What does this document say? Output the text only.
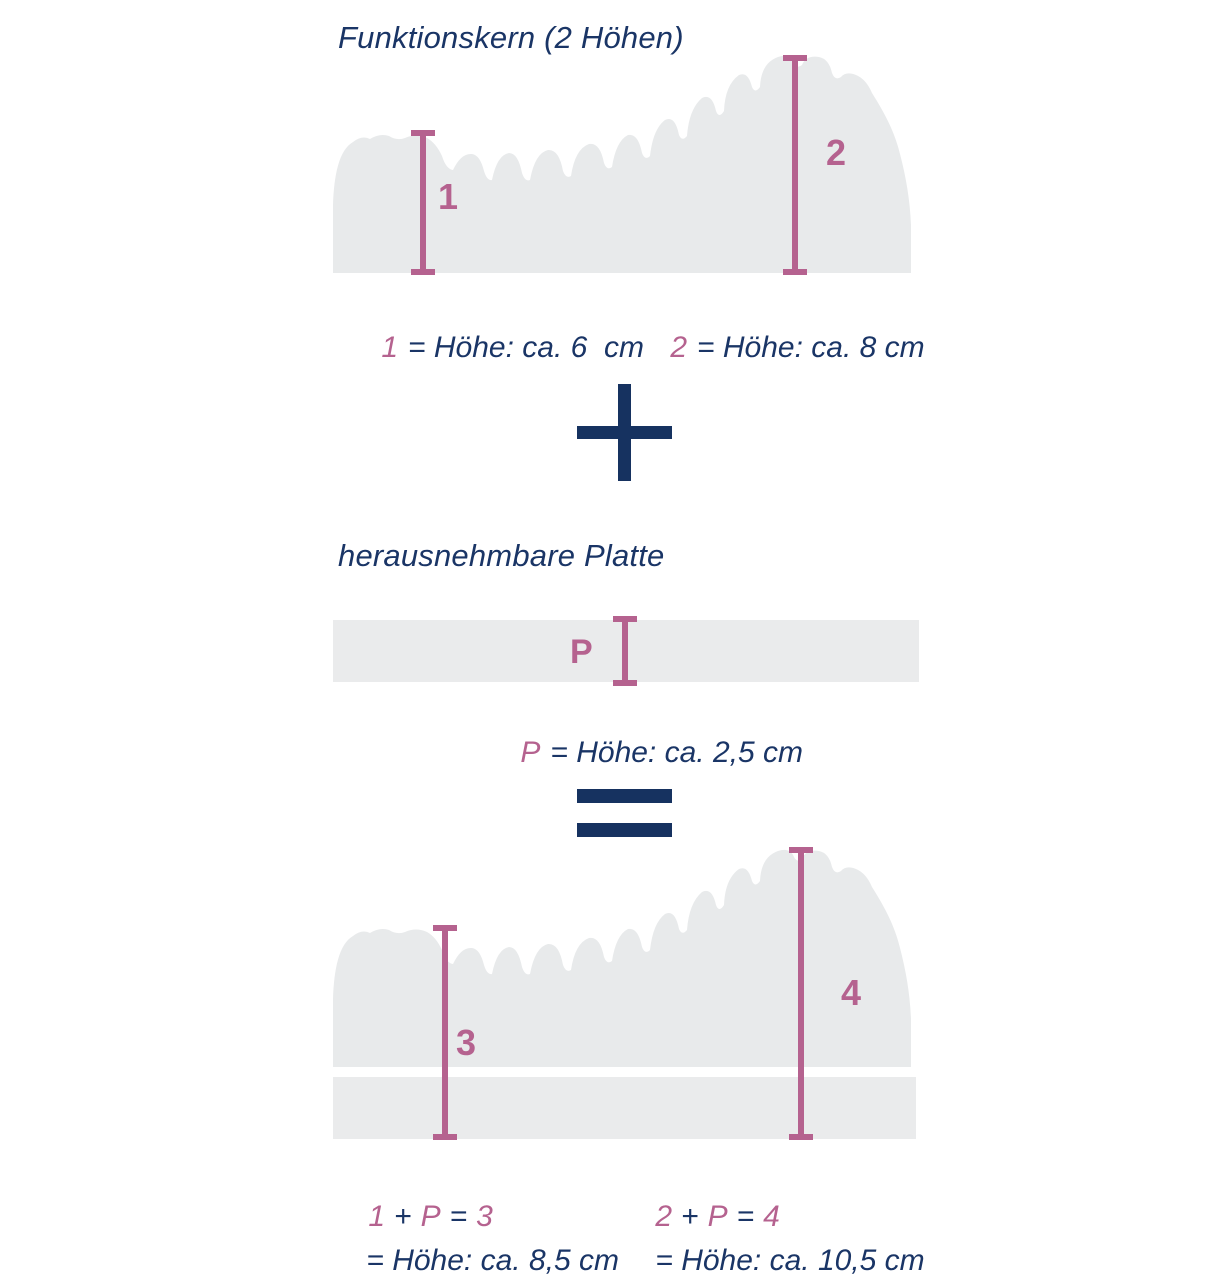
Funktionskern (2 Höhen)
1
2

1 = Höhe: ca. 6  cm
2 = Höhe: ca. 8 cm

herausnehmbare Platte
P

P = Höhe: ca. 2,5 cm

3
4

1 + P = 3
	2 + P = 4

= Höhe: ca. 8,5 cm
	= Höhe: ca. 10,5 cm
